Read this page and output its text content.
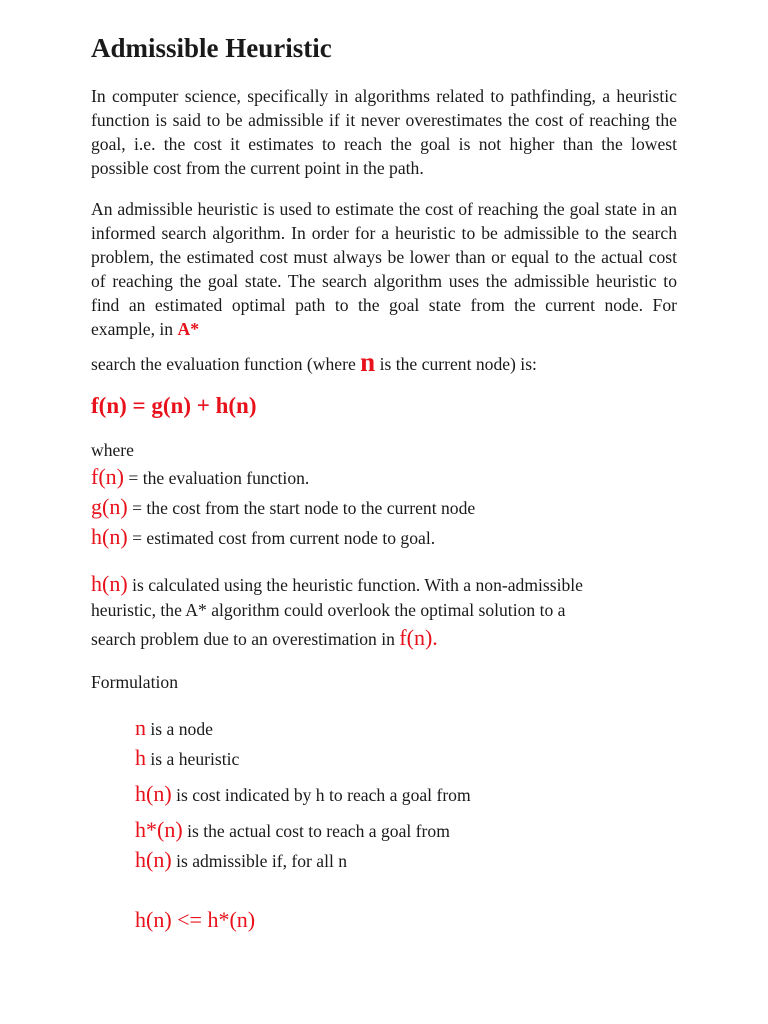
Admissible Heuristic

In computer science, specifically in algorithms related to pathfinding, a heuristic function is said to be admissible if it never overestimates the cost of reaching the goal, i.e. the cost it estimates to reach the goal is not higher than the lowest possible cost from the current point in the path.

An admissible heuristic is used to estimate the cost of reaching the goal state in an informed search algorithm. In order for a heuristic to be admissible to the search problem, the estimated cost must always be lower than or equal to the actual cost of reaching the goal state. The search algorithm uses the admissible heuristic to find an estimated optimal path to the goal state from the current node. For example, in A*

search the evaluation function (where n is the current node) is:
f(n) = g(n) + h(n)
where
f(n) = the evaluation function.
g(n) = the cost from the start node to the current node
h(n) = estimated cost from current node to goal.
h(n) is calculated using the heuristic function. With a non-admissible
heuristic, the A* algorithm could overlook the optimal solution to a
search problem due to an overestimation in f(n).
Formulation
n is a node
h is a heuristic
h(n) is cost indicated by h to reach a goal from
h*(n) is the actual cost to reach a goal from
h(n) is admissible if, for all n
h(n) <= h*(n)
